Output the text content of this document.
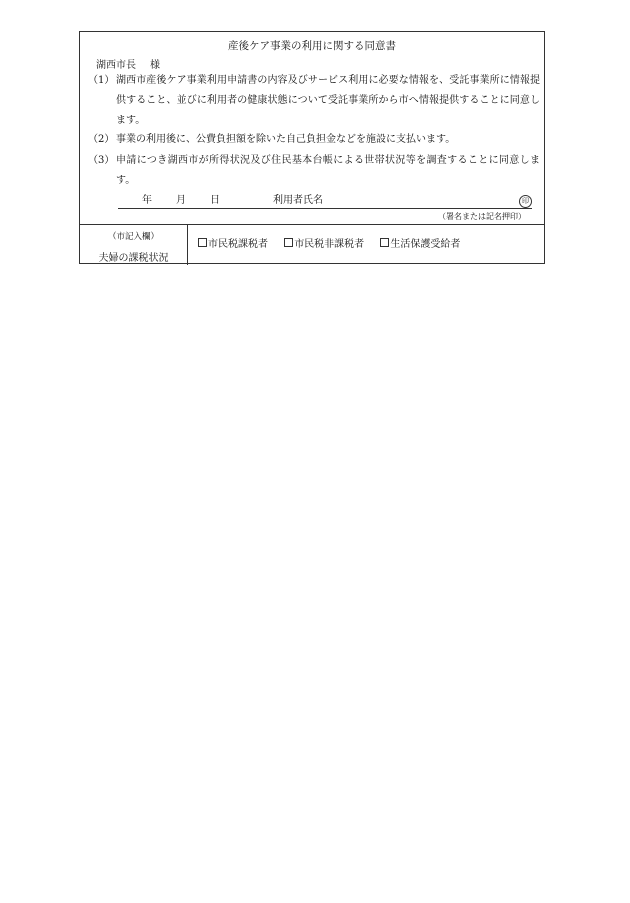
産後ケア事業の利用に関する同意書
湖西市長 様
（1） 湖西市産後ケア事業利用申請書の内容及びサービス利用に必要な情報を、受託事業所に情報提供すること、並びに利用者の健康状態について受託事業所から市へ情報提供することに同意します。
（2） 事業の利用後に、公費負担額を除いた自己負担金などを施設に支払います。
（3） 申請につき湖西市が所得状況及び住民基本台帳による世帯状況等を調査することに同意します。
年 月 日	利用者氏名	印
（署名または記名押印）
（市記入欄）
夫婦の課税状況
市民税課税者	市民税非課税者	生活保護受給者
